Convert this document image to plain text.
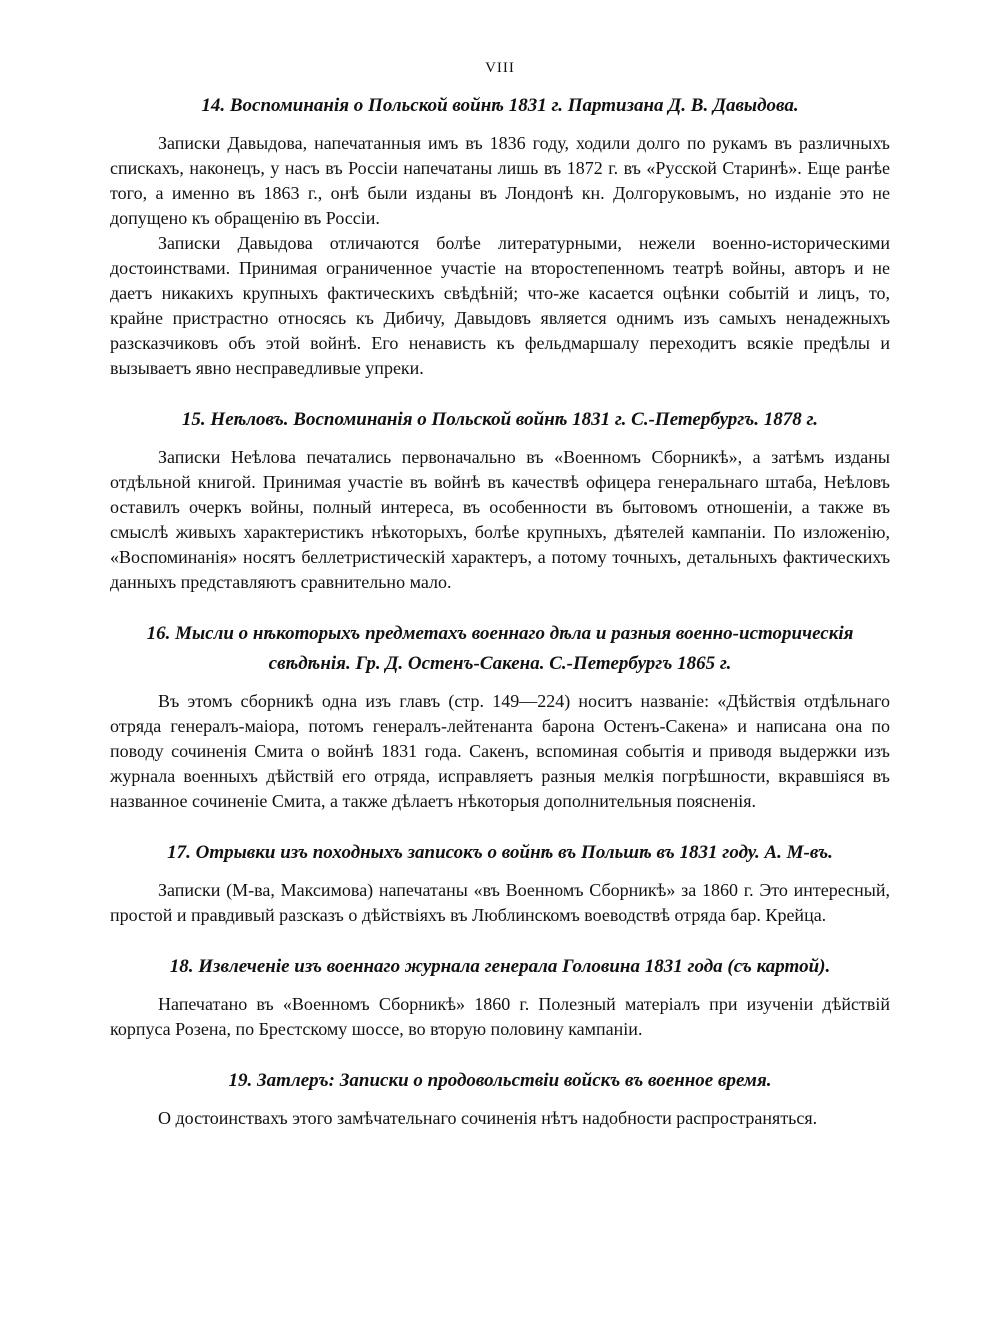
VIII
14. Воспоминанія о Польской войнѣ 1831 г. Партизана Д. В. Давыдова.

Записки Давыдова, напечатанныя имъ въ 1836 году, ходили долго по рукамъ въ различныхъ спискахъ, наконецъ, у насъ въ Россіи напечатаны лишь въ 1872 г. въ «Русской Старинѣ». Еще ранѣе того, а именно въ 1863 г., онѣ были изданы въ Лондонѣ кн. Долгоруковымъ, но изданіе это не допущено къ обращенію въ Россіи.

Записки Давыдова отличаются болѣе литературными, нежели военно-историческими достоинствами. Принимая ограниченное участіе на второстепенномъ театрѣ войны, авторъ и не даетъ никакихъ крупныхъ фактическихъ свѣдѣній; что-же касается оцѣнки событій и лицъ, то, крайне пристрастно относясь къ Дибичу, Давыдовъ является однимъ изъ самыхъ ненадежныхъ разсказчиковъ объ этой войнѣ. Его ненависть къ фельдмаршалу переходитъ всякіе предѣлы и вызываетъ явно несправедливые упреки.

15. Неѣловъ. Воспоминанія о Польской войнѣ 1831 г. С.-Петербургъ. 1878 г.

Записки Неѣлова печатались первоначально въ «Военномъ Сборникѣ», а затѣмъ изданы отдѣльной книгой. Принимая участіе въ войнѣ въ качествѣ офицера генеральнаго штаба, Неѣловъ оставилъ очеркъ войны, полный интереса, въ особенности въ бытовомъ отношеніи, а также въ смыслѣ живыхъ характеристикъ нѣкоторыхъ, болѣе крупныхъ, дѣятелей кампаніи. По изложенію, «Воспоминанія» носятъ беллетристическій характеръ, а потому точныхъ, детальныхъ фактическихъ данныхъ представляютъ сравнительно мало.

16. Мысли о нѣкоторыхъ предметахъ военнаго дѣла и разныя военно-историческія свѣдѣнія. Гр. Д. Остенъ-Сакена. С.-Петербургъ 1865 г.

Въ этомъ сборникѣ одна изъ главъ (стр. 149—224) носитъ названіе: «Дѣйствія отдѣльнаго отряда генералъ-маіора, потомъ генералъ-лейтенанта барона Остенъ-Сакена» и написана она по поводу сочиненія Смита о войнѣ 1831 года. Сакенъ, вспоминая событія и приводя выдержки изъ журнала военныхъ дѣйствій его отряда, исправляетъ разныя мелкія погрѣшности, вкравшіяся въ названное сочиненіе Смита, а также дѣлаетъ нѣкоторыя дополнительныя поясненія.

17. Отрывки изъ походныхъ записокъ о войнѣ въ Польшѣ въ 1831 году. А. М-въ.

Записки (М-ва, Максимова) напечатаны «въ Военномъ Сборникѣ» за 1860 г. Это интересный, простой и правдивый разсказъ о дѣйствіяхъ въ Люблинскомъ воеводствѣ отряда бар. Крейца.

18. Извлеченіе изъ военнаго журнала генерала Головина 1831 года (съ картой).

Напечатано въ «Военномъ Сборникѣ» 1860 г. Полезный матеріалъ при изученіи дѣйствій корпуса Розена, по Брестскому шоссе, во вторую половину кампаніи.

19. Затлеръ: Записки о продовольствіи войскъ въ военное время.

О достоинствахъ этого замѣчательнаго сочиненія нѣтъ надобности распространяться.
